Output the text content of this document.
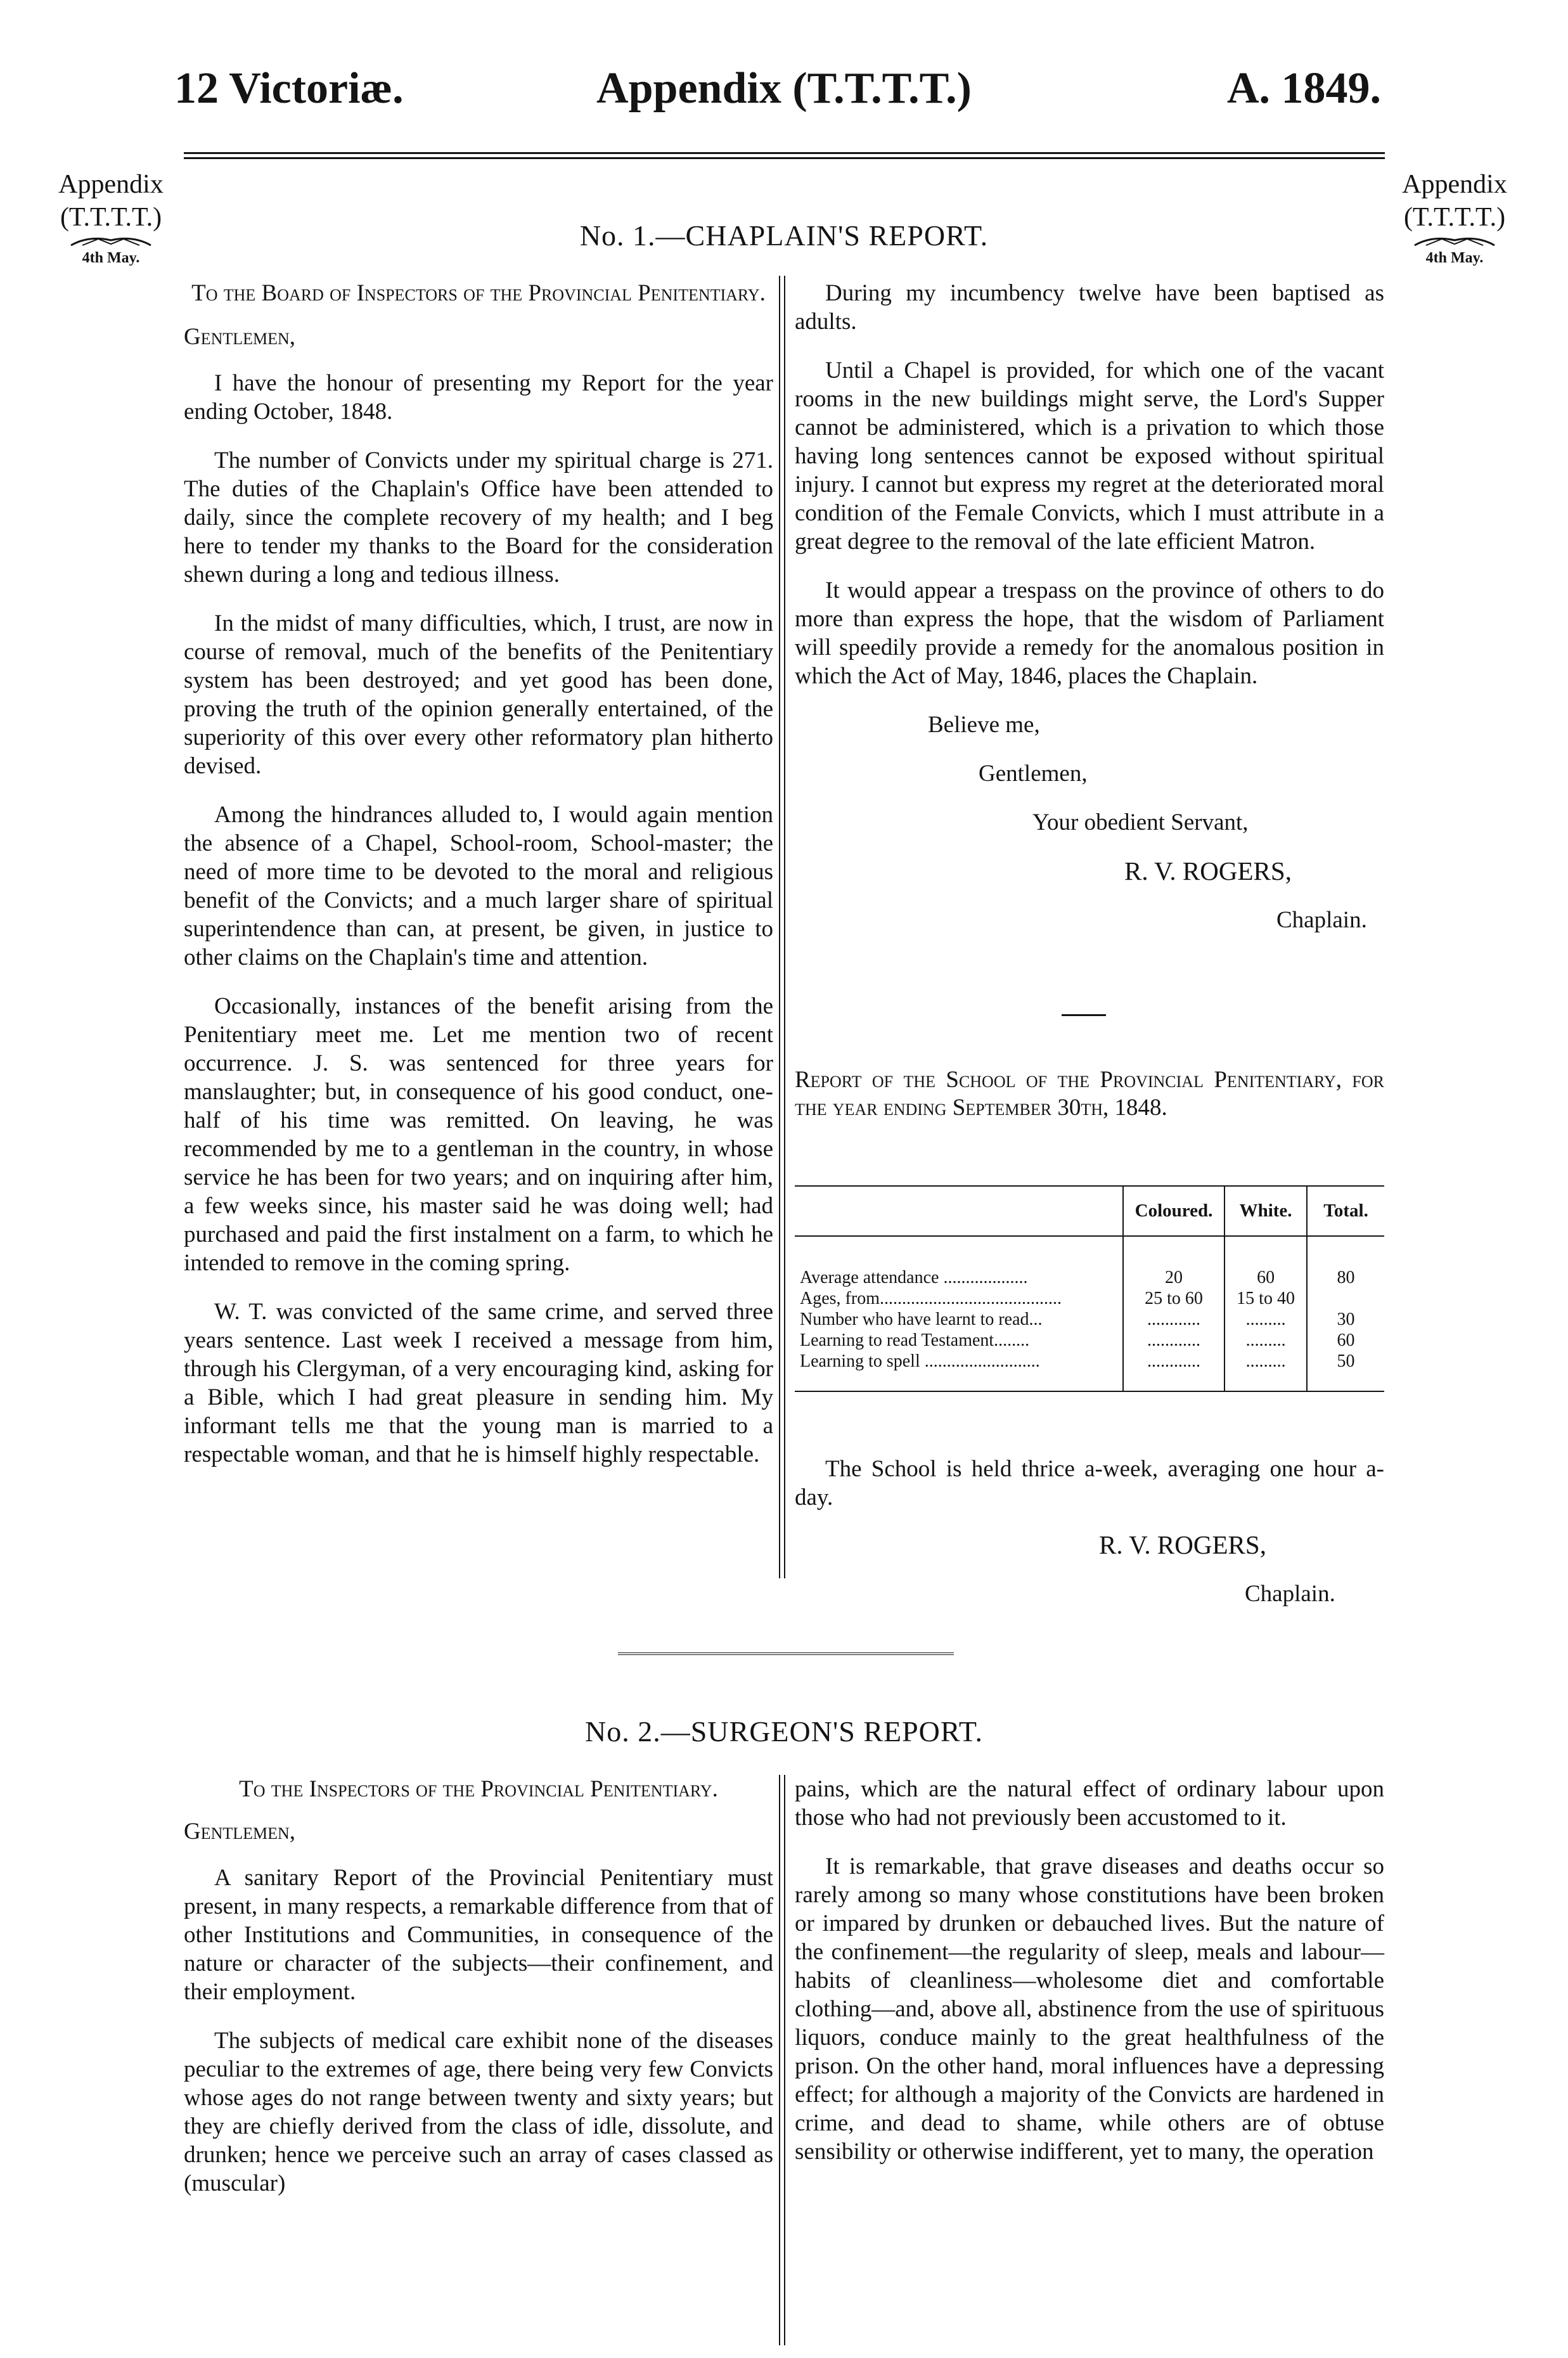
12 Victoriæ.	Appendix (T.T.T.T.)	A. 1849.
Appendix
(T.T.T.T.)
4th May.
Appendix
(T.T.T.T.)
4th May.
No. 1.—CHAPLAIN'S REPORT.

To the Board of Inspectors of the Provincial Penitentiary.

Gentlemen,

I have the honour of presenting my Report for the year ending October, 1848.

The number of Convicts under my spiritual charge is 271. The duties of the Chaplain's Office have been attended to daily, since the complete recovery of my health; and I beg here to tender my thanks to the Board for the consideration shewn during a long and tedious illness.

In the midst of many difficulties, which, I trust, are now in course of removal, much of the benefits of the Penitentiary system has been destroyed; and yet good has been done, proving the truth of the opinion generally entertained, of the superiority of this over every other reformatory plan hitherto devised.

Among the hindrances alluded to, I would again mention the absence of a Chapel, School-room, School-master; the need of more time to be devoted to the moral and religious benefit of the Convicts; and a much larger share of spiritual superintendence than can, at present, be given, in justice to other claims on the Chaplain's time and attention.

Occasionally, instances of the benefit arising from the Penitentiary meet me. Let me mention two of recent occurrence. J. S. was sentenced for three years for manslaughter; but, in consequence of his good conduct, one-half of his time was remitted. On leaving, he was recommended by me to a gentleman in the country, in whose service he has been for two years; and on inquiring after him, a few weeks since, his master said he was doing well; had purchased and paid the first instalment on a farm, to which he intended to remove in the coming spring.

W. T. was convicted of the same crime, and served three years sentence. Last week I received a message from him, through his Clergyman, of a very encouraging kind, asking for a Bible, which I had great pleasure in sending him. My informant tells me that the young man is married to a respectable woman, and that he is himself highly respectable.

During my incumbency twelve have been baptised as adults.

Until a Chapel is provided, for which one of the vacant rooms in the new buildings might serve, the Lord's Supper cannot be administered, which is a privation to which those having long sentences cannot be exposed without spiritual injury. I cannot but express my regret at the deteriorated moral condition of the Female Convicts, which I must attribute in a great degree to the removal of the late efficient Matron.

It would appear a trespass on the province of others to do more than express the hope, that the wisdom of Parliament will speedily provide a remedy for the anomalous position in which the Act of May, 1846, places the Chaplain.

Believe me,

Gentlemen,

Your obedient Servant,

R. V. ROGERS,

Chaplain.

Report of the School of the Provincial Penitentiary, for the year ending September 30th, 1848.

	Coloured.	White.	Total.

Average attendance ...................	20	60	80
Ages, from.........................................	25 to 60	15 to 40	
Number who have learnt to read...	............	.........	30
Learning to read Testament........	............	.........	60
Learning to spell ..........................	............	.........	50

The School is held thrice a-week, averaging one hour a-day.

R. V. ROGERS,

Chaplain.

No. 2.—SURGEON'S REPORT.

To the Inspectors of the Provincial Penitentiary.

Gentlemen,

A sanitary Report of the Provincial Penitentiary must present, in many respects, a remarkable difference from that of other Institutions and Communities, in consequence of the nature or character of the subjects—their confinement, and their employment.

The subjects of medical care exhibit none of the diseases peculiar to the extremes of age, there being very few Convicts whose ages do not range between twenty and sixty years; but they are chiefly derived from the class of idle, dissolute, and drunken; hence we perceive such an array of cases classed as (muscular)

pains, which are the natural effect of ordinary labour upon those who had not previously been accustomed to it.

It is remarkable, that grave diseases and deaths occur so rarely among so many whose constitutions have been broken or impared by drunken or debauched lives. But the nature of the confinement—the regularity of sleep, meals and labour—habits of cleanliness—wholesome diet and comfortable clothing—and, above all, abstinence from the use of spirituous liquors, conduce mainly to the great healthfulness of the prison. On the other hand, moral influences have a depressing effect; for although a majority of the Convicts are hardened in crime, and dead to shame, while others are of obtuse sensibility or otherwise indifferent, yet to many, the operation
